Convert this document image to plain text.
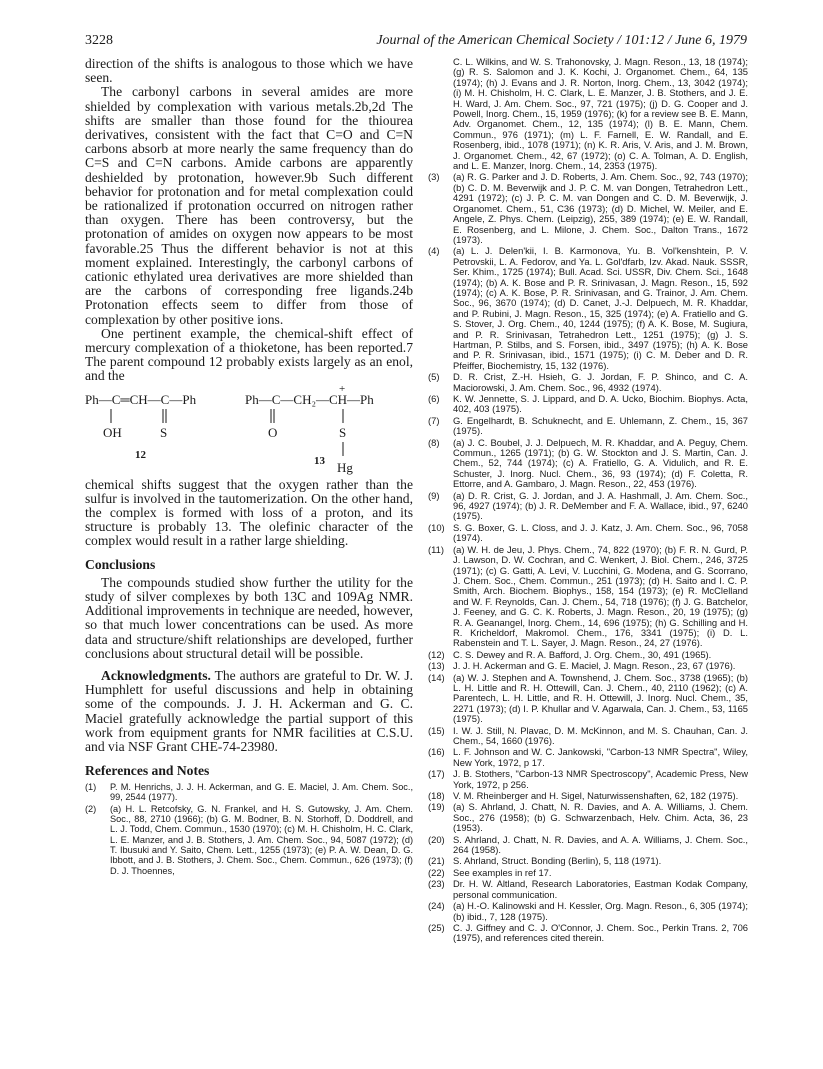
3228	Journal of the American Chemical Society / 101:12 / June 6, 1979

direction of the shifts is analogous to those which we have seen.

The carbonyl carbons in several amides are more shielded by complexation with various metals.2b,2d The shifts are smaller than those found for the thiourea derivatives, consistent with the fact that C=O and C=N carbons absorb at more nearly the same frequency than do C=S and C=N carbons. Amide carbons are apparently deshielded by protonation, however.9b Such different behavior for protonation and for metal complexation could be rationalized if protonation occurred on nitrogen rather than oxygen. There has been controversy, but the protonation of amides on oxygen now appears to be most favorable.25 Thus the different behavior is not at this moment explained. Interestingly, the carbonyl carbons of cationic ethylated urea derivatives are more shielded than are the carbons of corresponding free ligands.24b Protonation effects seem to differ from those of complexation by other positive ions.

One pertinent example, the chemical-shift effect of mercury complexation of a thioketone, has been reported.7 The parent compound 12 probably exists largely as an enol, and the

Ph—C═CH—C—Ph
OH	S
12
+
Ph—C—CH₂—CH—Ph
O	S
Hg
13

chemical shifts suggest that the oxygen rather than the sulfur is involved in the tautomerization. On the other hand, the complex is formed with loss of a proton, and its structure is probably 13. The olefinic character of the complex would result in a rather large shielding.

Conclusions

The compounds studied show further the utility for the study of silver complexes by both 13C and 109Ag NMR. Additional improvements in technique are needed, however, so that much lower concentrations can be used. As more data and structure/shift relationships are developed, further conclusions about structural detail will be possible.

Acknowledgments. The authors are grateful to Dr. W. J. Humphlett for useful discussions and help in obtaining some of the compounds. J. J. H. Ackerman and G. C. Maciel gratefully acknowledge the partial support of this work from equipment grants for NMR facilities at C.S.U. and via NSF Grant CHE-74-23980.

References and Notes
(1)	P. M. Henrichs, J. J. H. Ackerman, and G. E. Maciel, J. Am. Chem. Soc., 99, 2544 (1977).
(2)	(a) H. L. Retcofsky, G. N. Frankel, and H. S. Gutowsky, J. Am. Chem. Soc., 88, 2710 (1966); (b) G. M. Bodner, B. N. Storhoff, D. Doddrell, and L. J. Todd, Chem. Commun., 1530 (1970); (c) M. H. Chisholm, H. C. Clark, L. E. Manzer, and J. B. Stothers, J. Am. Chem. Soc., 94, 5087 (1972); (d) T. Ibusuki and Y. Saito, Chem. Lett., 1255 (1973); (e) P. A. W. Dean, D. G. Ibbott, and J. B. Stothers, J. Chem. Soc., Chem. Commun., 626 (1973); (f) D. J. Thoennes,
C. L. Wilkins, and W. S. Trahonovsky, J. Magn. Reson., 13, 18 (1974); (g) R. S. Salomon and J. K. Kochi, J. Organomet. Chem., 64, 135 (1974); (h) J. Evans and J. R. Norton, Inorg. Chem., 13, 3042 (1974); (i) M. H. Chisholm, H. C. Clark, L. E. Manzer, J. B. Stothers, and J. E. H. Ward, J. Am. Chem. Soc., 97, 721 (1975); (j) D. G. Cooper and J. Powell, Inorg. Chem., 15, 1959 (1976); (k) for a review see B. E. Mann, Adv. Organomet. Chem., 12, 135 (1974); (l) B. E. Mann, Chem. Commun., 976 (1971); (m) L. F. Farnell, E. W. Randall, and E. Rosenberg, ibid., 1078 (1971); (n) K. R. Aris, V. Aris, and J. M. Brown, J. Organomet. Chem., 42, 67 (1972); (o) C. A. Tolman, A. D. English, and L. E. Manzer, Inorg. Chem., 14, 2353 (1975).
(3)	(a) R. G. Parker and J. D. Roberts, J. Am. Chem. Soc., 92, 743 (1970); (b) C. D. M. Beverwijk and J. P. C. M. van Dongen, Tetrahedron Lett., 4291 (1972); (c) J. P. C. M. van Dongen and C. D. M. Beverwijk, J. Organomet. Chem., 51, C36 (1973); (d) D. Michel, W. Meiler, and E. Angele, Z. Phys. Chem. (Leipzig), 255, 389 (1974); (e) E. W. Randall, E. Rosenberg, and L. Milone, J. Chem. Soc., Dalton Trans., 1672 (1973).
(4)	(a) L. J. Delen'kii, I. B. Karmonova, Yu. B. Vol'kenshtein, P. V. Petrovskii, L. A. Fedorov, and Ya. L. Gol'dfarb, Izv. Akad. Nauk. SSSR, Ser. Khim., 1725 (1974); Bull. Acad. Sci. USSR, Div. Chem. Sci., 1648 (1974); (b) A. K. Bose and P. R. Srinivasan, J. Magn. Reson., 15, 592 (1974); (c) A. K. Bose, P. R. Srinivasan, and G. Trainor, J. Am. Chem. Soc., 96, 3670 (1974); (d) D. Canet, J.-J. Delpuech, M. R. Khaddar, and P. Rubini, J. Magn. Reson., 15, 325 (1974); (e) A. Fratiello and G. S. Stover, J. Org. Chem., 40, 1244 (1975); (f) A. K. Bose, M. Sugiura, and P. R. Srinivasan, Tetrahedron Lett., 1251 (1975); (g) J. S. Hartman, P. Stilbs, and S. Forsen, ibid., 3497 (1975); (h) A. K. Bose and P. R. Srinivasan, ibid., 1571 (1975); (i) C. M. Deber and D. R. Pfeiffer, Biochemistry, 15, 132 (1976).
(5)	D. R. Crist, Z.-H. Hsieh, G. J. Jordan, F. P. Shinco, and C. A. Maciorowski, J. Am. Chem. Soc., 96, 4932 (1974).
(6)	K. W. Jennette, S. J. Lippard, and D. A. Ucko, Biochim. Biophys. Acta, 402, 403 (1975).
(7)	G. Engelhardt, B. Schuknecht, and E. Uhlemann, Z. Chem., 15, 367 (1975).
(8)	(a) J. C. Boubel, J. J. Delpuech, M. R. Khaddar, and A. Peguy, Chem. Commun., 1265 (1971); (b) G. W. Stockton and J. S. Martin, Can. J. Chem., 52, 744 (1974); (c) A. Fratiello, G. A. Vidulich, and R. E. Schuster, J. Inorg. Nucl. Chem., 36, 93 (1974); (d) F. Coletta, R. Ettorre, and A. Gambaro, J. Magn. Reson., 22, 453 (1976).
(9)	(a) D. R. Crist, G. J. Jordan, and J. A. Hashmall, J. Am. Chem. Soc., 96, 4927 (1974); (b) J. R. DeMember and F. A. Wallace, ibid., 97, 6240 (1975).
(10) S. G. Boxer, G. L. Closs, and J. J. Katz, J. Am. Chem. Soc., 96, 7058 (1974).
(11) (a) W. H. de Jeu, J. Phys. Chem., 74, 822 (1970); (b) F. R. N. Gurd, P. J. Lawson, D. W. Cochran, and C. Wenkert, J. Biol. Chem., 246, 3725 (1971); (c) G. Gatti, A. Levi, V. Lucchini, G. Modena, and G. Scorrano, J. Chem. Soc., Chem. Commun., 251 (1973); (d) H. Saito and I. C. P. Smith, Arch. Biochem. Biophys., 158, 154 (1973); (e) R. McClelland and W. F. Reynolds, Can. J. Chem., 54, 718 (1976); (f) J. G. Batchelor, J. Feeney, and G. C. K. Roberts, J. Magn. Reson., 20, 19 (1975); (g) R. A. Geanangel, Inorg. Chem., 14, 696 (1975); (h) G. Schilling and H. R. Kricheldorf, Makromol. Chem., 176, 3341 (1975); (i) D. L. Rabenstein and T. L. Sayer, J. Magn. Reson., 24, 27 (1976).
(12) C. S. Dewey and R. A. Bafford, J. Org. Chem., 30, 491 (1965).
(13) J. J. H. Ackerman and G. E. Maciel, J. Magn. Reson., 23, 67 (1976).
(14) (a) W. J. Stephen and A. Townshend, J. Chem. Soc., 3738 (1965); (b) L. H. Little and R. H. Ottewill, Can. J. Chem., 40, 2110 (1962); (c) A. Parentech, L. H. Little, and R. H. Ottewill, J. Inorg. Nucl. Chem., 35, 2271 (1973); (d) I. P. Khullar and V. Agarwala, Can. J. Chem., 53, 1165 (1975).
(15) I. W. J. Still, N. Plavac, D. M. McKinnon, and M. S. Chauhan, Can. J. Chem., 54, 1660 (1976).
(16) L. F. Johnson and W. C. Jankowski, "Carbon-13 NMR Spectra", Wiley, New York, 1972, p 17.
(17) J. B. Stothers, "Carbon-13 NMR Spectroscopy", Academic Press, New York, 1972, p 256.
(18) V. M. Rheinberger and H. Sigel, Naturwissenshaften, 62, 182 (1975).
(19) (a) S. Ahrland, J. Chatt, N. R. Davies, and A. A. Williams, J. Chem. Soc., 276 (1958); (b) G. Schwarzenbach, Helv. Chim. Acta, 36, 23 (1953).
(20) S. Ahrland, J. Chatt, N. R. Davies, and A. A. Williams, J. Chem. Soc., 264 (1958).
(21) S. Ahrland, Struct. Bonding (Berlin), 5, 118 (1971).
(22) See examples in ref 17.
(23) Dr. H. W. Altland, Research Laboratories, Eastman Kodak Company, personal communication.
(24) (a) H.-O. Kalinowski and H. Kessler, Org. Magn. Reson., 6, 305 (1974); (b) ibid., 7, 128 (1975).
(25) C. J. Giffney and C. J. O'Connor, J. Chem. Soc., Perkin Trans. 2, 706 (1975), and references cited therein.
